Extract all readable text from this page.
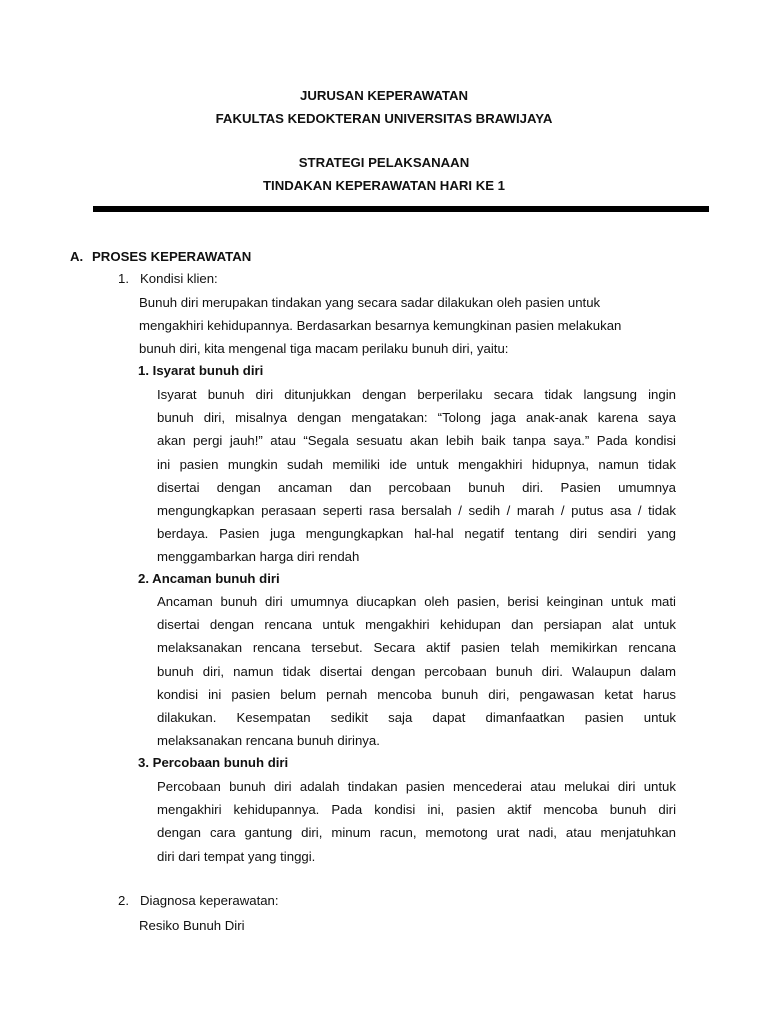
JURUSAN KEPERAWATAN
FAKULTAS KEDOKTERAN UNIVERSITAS BRAWIJAYA
STRATEGI PELAKSANAAN
TINDAKAN KEPERAWATAN HARI KE 1
A. PROSES KEPERAWATAN
1. Kondisi klien:
Bunuh diri merupakan tindakan yang secara sadar dilakukan oleh pasien untuk
mengakhiri kehidupannya. Berdasarkan besarnya kemungkinan pasien melakukan
bunuh diri, kita mengenal tiga macam perilaku bunuh diri, yaitu:
1. Isyarat bunuh diri
Isyarat bunuh diri ditunjukkan dengan berperilaku secara tidak langsung ingin
bunuh diri, misalnya dengan mengatakan: “Tolong jaga anak-anak karena saya
akan pergi jauh!” atau “Segala sesuatu akan lebih baik tanpa saya.” Pada kondisi
ini pasien mungkin sudah memiliki ide untuk mengakhiri hidupnya, namun tidak
disertai dengan ancaman dan percobaan bunuh diri. Pasien umumnya
mengungkapkan perasaan seperti rasa bersalah / sedih / marah / putus asa / tidak
berdaya. Pasien juga mengungkapkan hal-hal negatif tentang diri sendiri yang
menggambarkan harga diri rendah
2. Ancaman bunuh diri
Ancaman bunuh diri umumnya diucapkan oleh pasien, berisi keinginan untuk mati
disertai dengan rencana untuk mengakhiri kehidupan dan persiapan alat untuk
melaksanakan rencana tersebut. Secara aktif pasien telah memikirkan rencana
bunuh diri, namun tidak disertai dengan percobaan bunuh diri. Walaupun dalam
kondisi ini pasien belum pernah mencoba bunuh diri, pengawasan ketat harus
dilakukan. Kesempatan sedikit saja dapat dimanfaatkan pasien untuk
melaksanakan rencana bunuh dirinya.
3. Percobaan bunuh diri
Percobaan bunuh diri adalah tindakan pasien mencederai atau melukai diri untuk
mengakhiri kehidupannya. Pada kondisi ini, pasien aktif mencoba bunuh diri
dengan cara gantung diri, minum racun, memotong urat nadi, atau menjatuhkan
diri dari tempat yang tinggi.
2. Diagnosa keperawatan:
Resiko Bunuh Diri
